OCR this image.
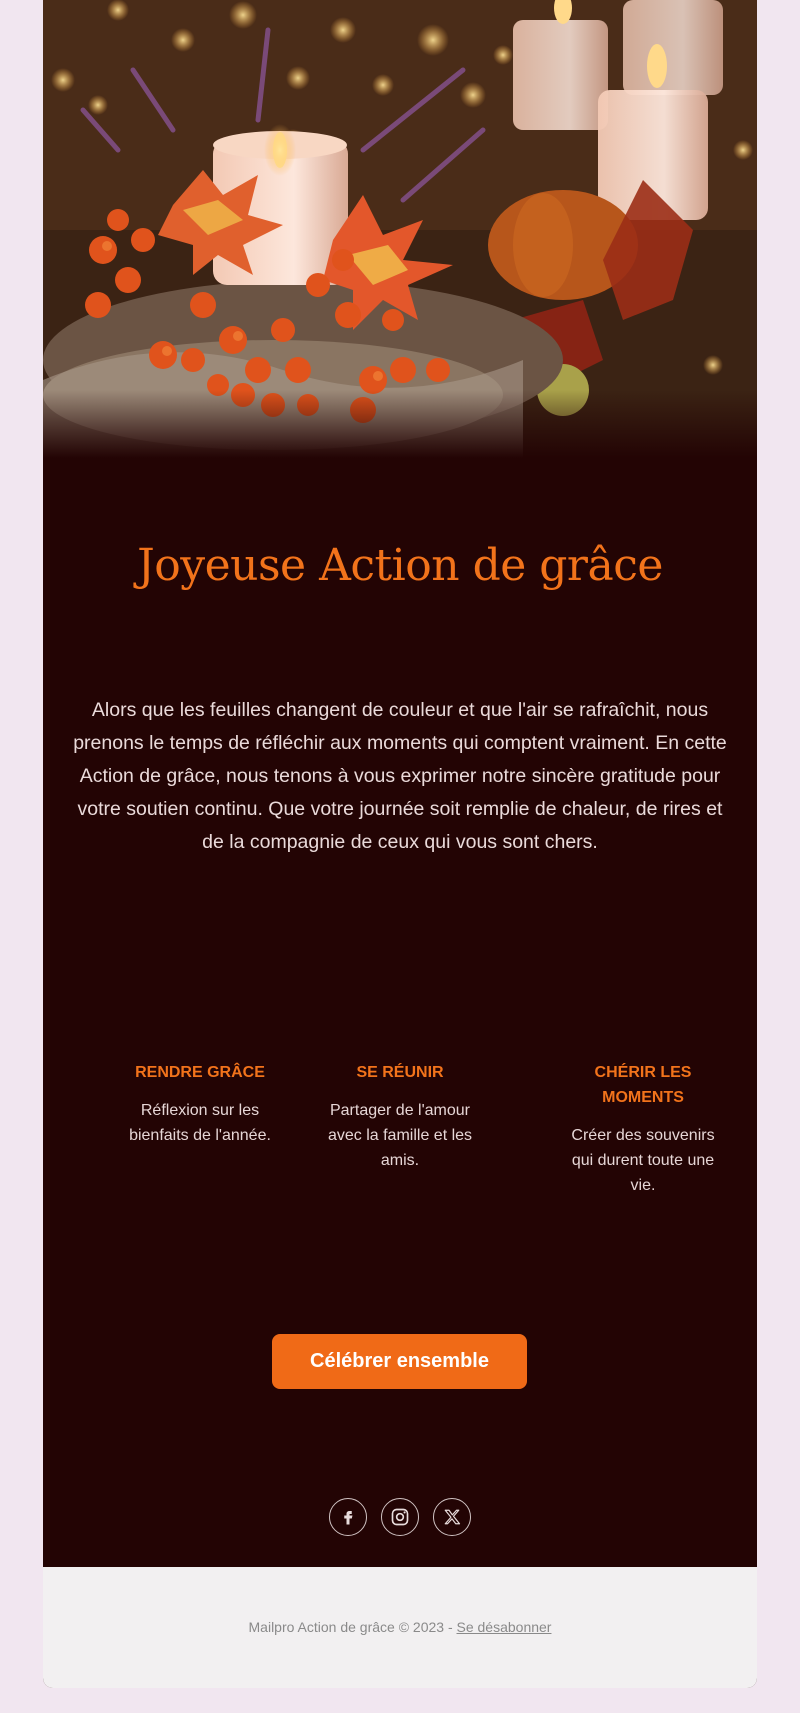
Joyeuse Action de grâce

Alors que les feuilles changent de couleur et que l'air se rafraîchit, nous prenons le temps de réfléchir aux moments qui comptent vraiment. En cette Action de grâce, nous tenons à vous exprimer notre sincère gratitude pour votre soutien continu. Que votre journée soit remplie de chaleur, de rires et de la compagnie de ceux qui vous sont chers.

RENDRE GRÂCE

Réflexion sur les bienfaits de l'année.

SE RÉUNIR

Partager de l'amour avec la famille et les amis.

CHÉRIR LES MOMENTS

Créer des souvenirs qui durent toute une vie.

Célébrer ensemble
Mailpro Action de grâce © 2023 - Se désabonner
